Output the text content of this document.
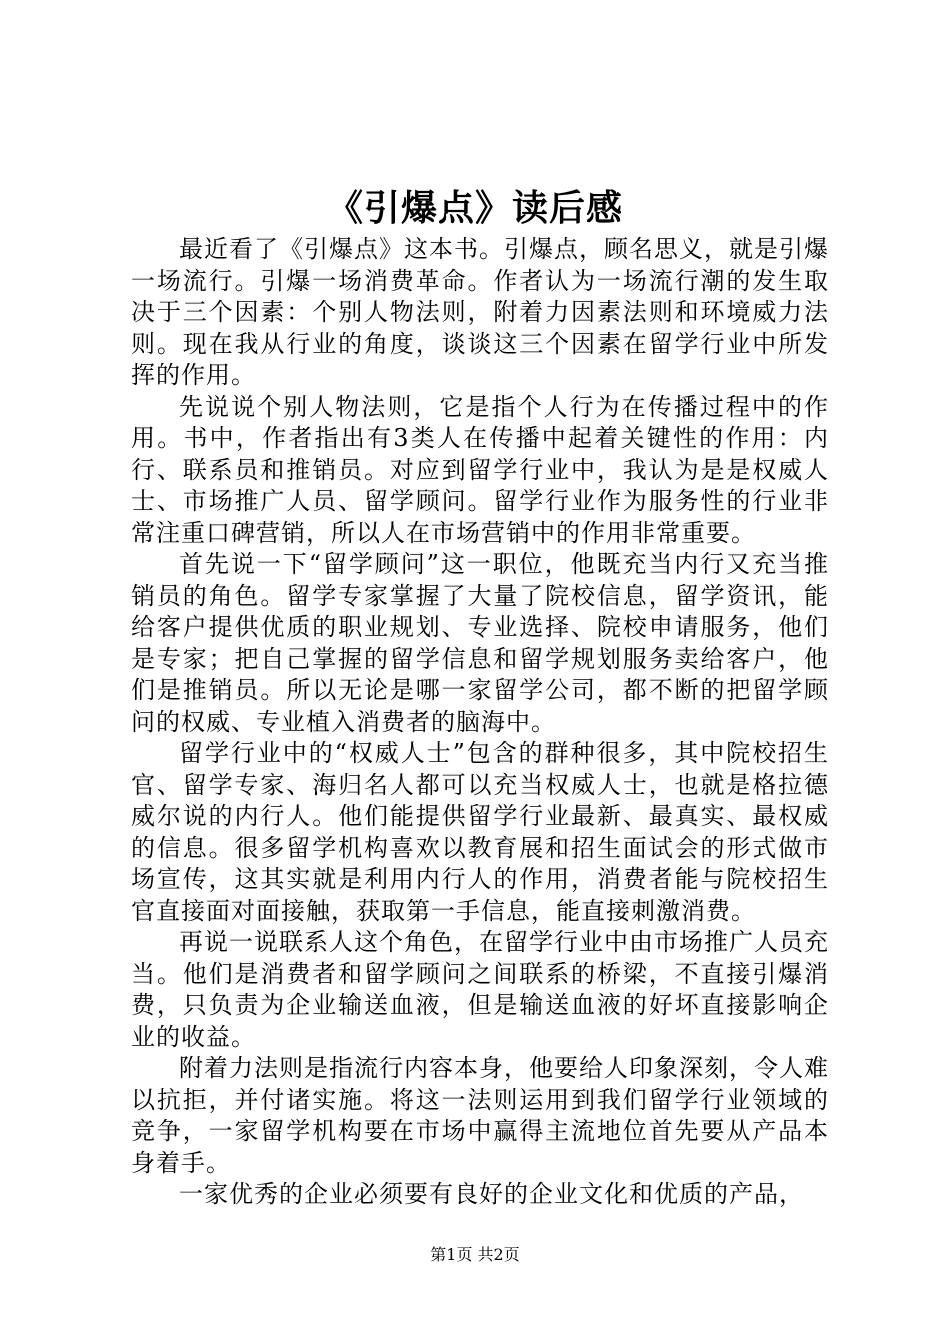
《引爆点》读后感

最近看了《引爆点》这本书。引爆点，顾名思义，就是引爆一场流行。引爆一场消费革命。作者认为一场流行潮的发生取决于三个因素：个别人物法则，附着力因素法则和环境威力法则。现在我从行业的角度，谈谈这三个因素在留学行业中所发挥的作用。

先说说个别人物法则，它是指个人行为在传播过程中的作用。书中，作者指出有3类人在传播中起着关键性的作用：内行、联系员和推销员。对应到留学行业中，我认为是是权威人士、市场推广人员、留学顾问。留学行业作为服务性的行业非常注重口碑营销，所以人在市场营销中的作用非常重要。

首先说一下“留学顾问”这一职位，他既充当内行又充当推销员的角色。留学专家掌握了大量了院校信息，留学资讯，能给客户提供优质的职业规划、专业选择、院校申请服务，他们是专家；把自己掌握的留学信息和留学规划服务卖给客户，他们是推销员。所以无论是哪一家留学公司，都不断的把留学顾问的权威、专业植入消费者的脑海中。

留学行业中的“权威人士”包含的群种很多，其中院校招生官、留学专家、海归名人都可以充当权威人士，也就是格拉德威尔说的内行人。他们能提供留学行业最新、最真实、最权威的信息。很多留学机构喜欢以教育展和招生面试会的形式做市场宣传，这其实就是利用内行人的作用，消费者能与院校招生官直接面对面接触，获取第一手信息，能直接刺激消费。

再说一说联系人这个角色，在留学行业中由市场推广人员充当。他们是消费者和留学顾问之间联系的桥梁，不直接引爆消费，只负责为企业输送血液，但是输送血液的好坏直接影响企业的收益。

附着力法则是指流行内容本身，他要给人印象深刻，令人难以抗拒，并付诸实施。将这一法则运用到我们留学行业领域的竞争，一家留学机构要在市场中赢得主流地位首先要从产品本身着手。

一家优秀的企业必须要有良好的企业文化和优质的产品，

第1页 共2页
